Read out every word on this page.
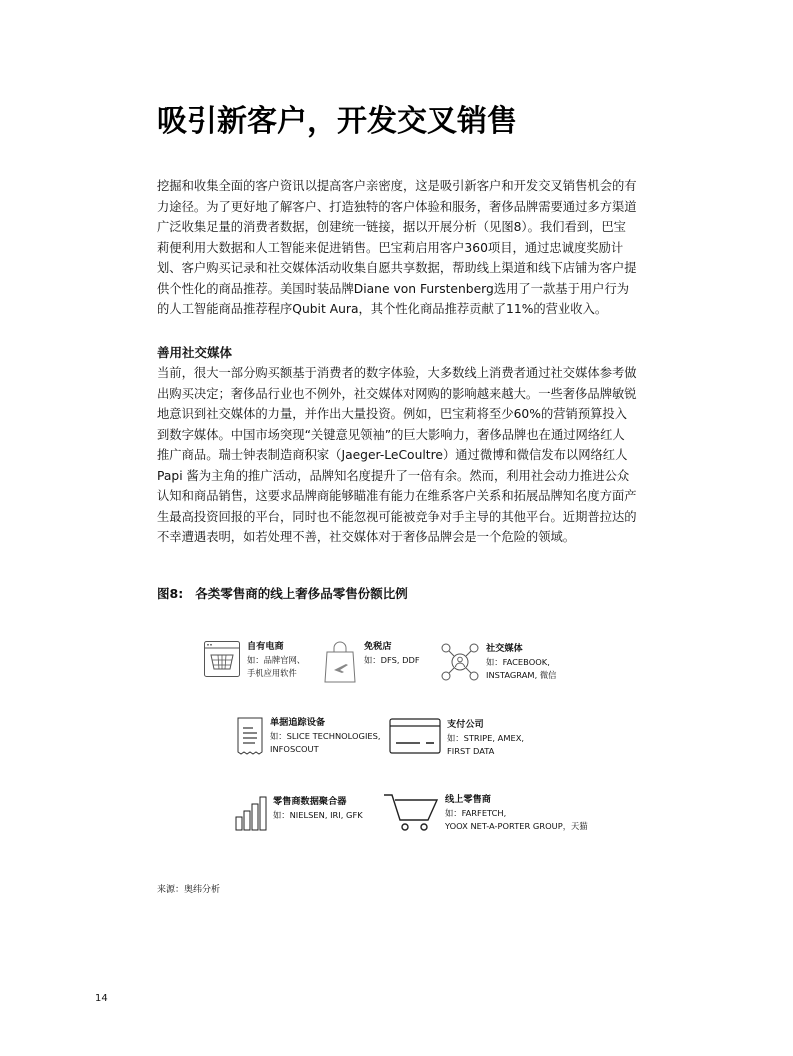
吸引新客户，开发交叉销售

挖掘和收集全面的客户资讯以提高客户亲密度，这是吸引新客户和开发交叉销售机会的有力途径。为了更好地了解客户、打造独特的客户体验和服务，奢侈品牌需要通过多方渠道广泛收集足量的消费者数据，创建统一链接，据以开展分析（见图8）。我们看到，巴宝莉便利用大数据和人工智能来促进销售。巴宝莉启用客户360项目，通过忠诚度奖励计划、客户购买记录和社交媒体活动收集自愿共享数据，帮助线上渠道和线下店铺为客户提供个性化的商品推荐。美国时装品牌Diane von Furstenberg选用了一款基于用户行为的人工智能商品推荐程序Qubit Aura，其个性化商品推荐贡献了11%的营业收入。

善用社交媒体

当前，很大一部分购买额基于消费者的数字体验，大多数线上消费者通过社交媒体参考做出购买决定；奢侈品行业也不例外，社交媒体对网购的影响越来越大。一些奢侈品牌敏锐地意识到社交媒体的力量，并作出大量投资。例如，巴宝莉将至少60%的营销预算投入到数字媒体。中国市场突现“关键意见领袖”的巨大影响力，奢侈品牌也在通过网络红人推广商品。瑞士钟表制造商积家（Jaeger-LeCoultre）通过微博和微信发布以网络红人Papi 酱为主角的推广活动，品牌知名度提升了一倍有余。然而，利用社会动力推进公众认知和商品销售，这要求品牌商能够瞄准有能力在维系客户关系和拓展品牌知名度方面产生最高投资回报的平台，同时也不能忽视可能被竞争对手主导的其他平台。近期普拉达的不幸遭遇表明，如若处理不善，社交媒体对于奢侈品牌会是一个危险的领域。

图8: 各类零售商的线上奢侈品零售份额比例
自有电商
如：品牌官网、
手机应用软件
免税店
如：DFS, DDF
社交媒体
如：FACEBOOK,
INSTAGRAM, 微信
单据追踪设备
如：SLICE TECHNOLOGIES,
INFOSCOUT
支付公司
如：STRIPE, AMEX,
FIRST DATA
零售商数据聚合器
如：NIELSEN, IRI, GFK
线上零售商
如：FARFETCH,
YOOX NET-A-PORTER GROUP，天猫

来源：奥纬分析

14
